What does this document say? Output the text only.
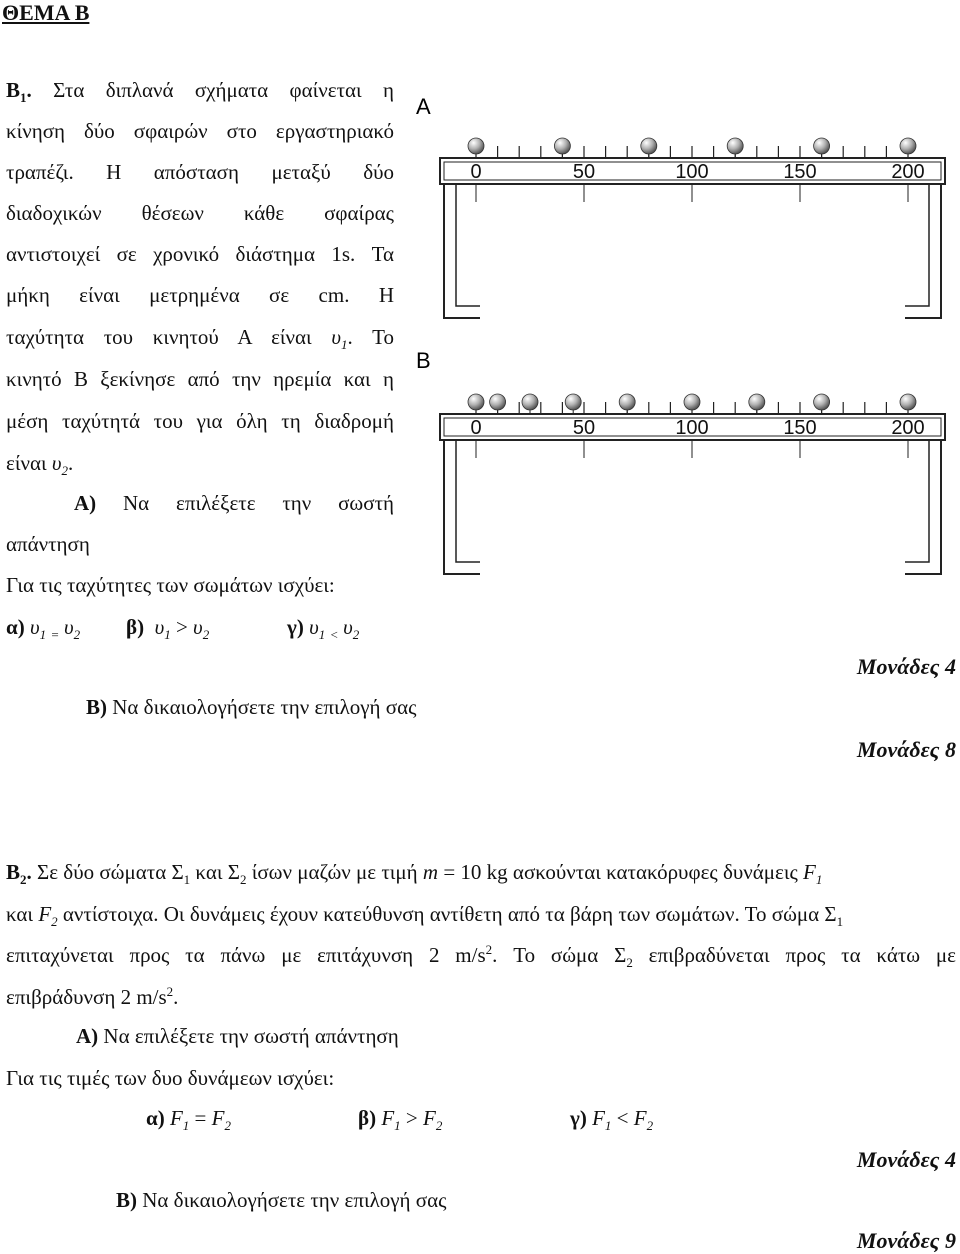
ΘΕΜΑ Β
$B_1$. Στα διπλανά σχήματα φαίνεται η
κίνηση δύο σφαιρών στο εργαστηριακό
τραπέζι. Η απόσταση μεταξύ δύο
διαδοχικών θέσεων κάθε σφαίρας
αντιστοιχεί σε χρονικό διάστημα 1s. Τα
μήκη είναι μετρημένα σε cm. Η
ταχύτητα του κινητού Α είναι $\upsilon_1$. Το
κινητό Β ξεκίνησε από την ηρεμία και η
μέση ταχύτητά του για όλη τη διαδρομή
είναι $\upsilon_2$.
Α) Να επιλέξετε την σωστή
απάντηση
Για τις ταχύτητες των σωμάτων ισχύει:
α) $\upsilon_1$ $_=$ $\upsilon_2$ β) $\upsilon_1 > \upsilon_2$	γ) $\upsilon_1$ $_<$ $\upsilon_2$
Μονάδες 4
Β) Να δικαιολογήσετε την επιλογή σας
Μονάδες 8
Α
Β
0	50	100	150	200
0	50	100	150	200
$B_2$. Σε δύο σώματα $\Sigma_1$ και $\Sigma_2$ ίσων μαζών με τιμή m = 10 kg ασκούνται κατακόρυφες δυνάμεις $F_1$
και $F_2$ αντίστοιχα. Οι δυνάμεις έχουν κατεύθυνση αντίθετη από τα βάρη των σωμάτων. Το σώμα $\Sigma_1$
επιταχύνεται προς τα πάνω με επιτάχυνση 2 $m/s^2$. Το σώμα $\Sigma_2$ επιβραδύνεται προς τα κάτω με
επιβράδυνση 2 $m/s^2$.
Α) Να επιλέξετε την σωστή απάντηση
Για τις τιμές των δυο δυνάμεων ισχύει:
α) $F_1 = F_2$	β) $F_1 > F_2$	γ) $F_1 < F_2$
Μονάδες 4
Β) Να δικαιολογήσετε την επιλογή σας
Μονάδες 9
